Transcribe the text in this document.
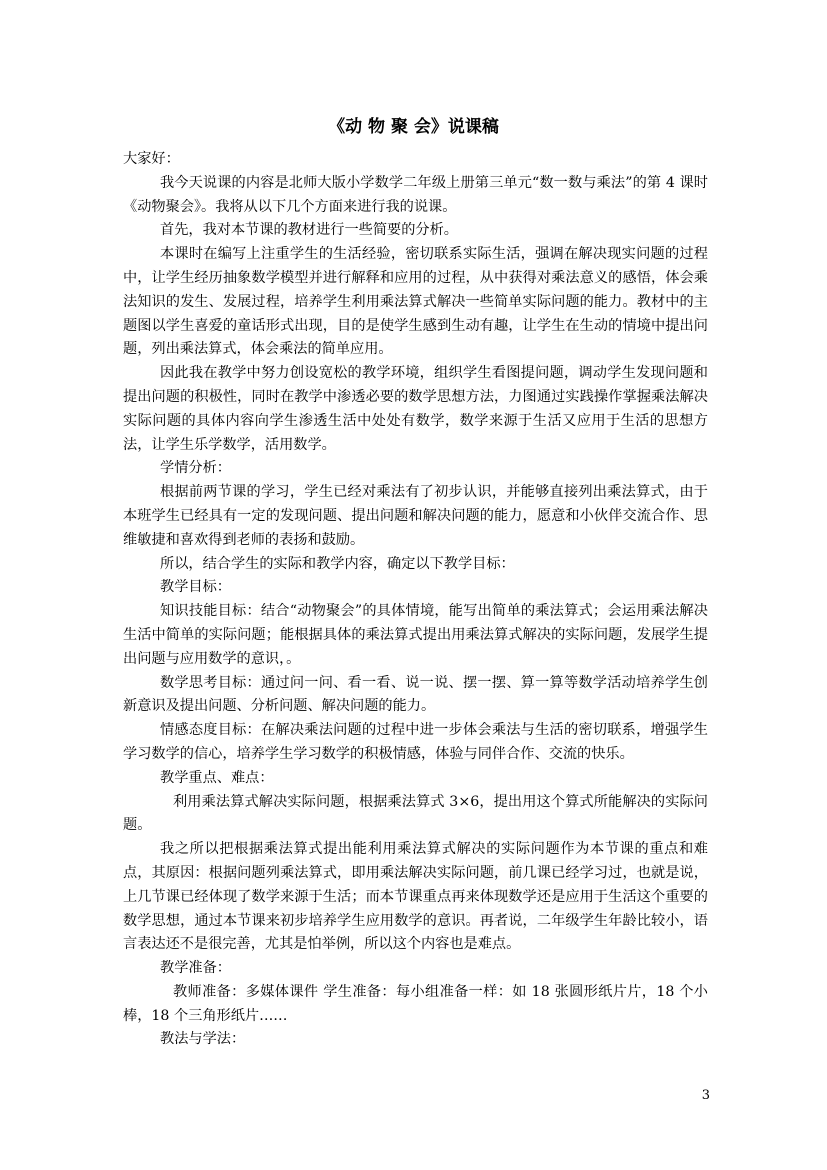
《动 物 聚 会》说课稿

大家好：

我今天说课的内容是北师大版小学数学二年级上册第三单元“数一数与乘法”的第 4 课时《动物聚会》。我将从以下几个方面来进行我的说课。

首先，我对本节课的教材进行一些简要的分析。

本课时在编写上注重学生的生活经验，密切联系实际生活，强调在解决现实问题的过程中，让学生经历抽象数学模型并进行解释和应用的过程，从中获得对乘法意义的感悟，体会乘法知识的发生、发展过程，培养学生利用乘法算式解决一些简单实际问题的能力。教材中的主题图以学生喜爱的童话形式出现，目的是使学生感到生动有趣，让学生在生动的情境中提出问题，列出乘法算式，体会乘法的简单应用。

因此我在教学中努力创设宽松的教学环境，组织学生看图提问题，调动学生发现问题和提出问题的积极性，同时在教学中渗透必要的数学思想方法，力图通过实践操作掌握乘法解决实际问题的具体内容向学生渗透生活中处处有数学，数学来源于生活又应用于生活的思想方法，让学生乐学数学，活用数学。

学情分析：

根据前两节课的学习，学生已经对乘法有了初步认识，并能够直接列出乘法算式，由于本班学生已经具有一定的发现问题、提出问题和解决问题的能力，愿意和小伙伴交流合作、思维敏捷和喜欢得到老师的表扬和鼓励。

所以，结合学生的实际和教学内容，确定以下教学目标：

教学目标：

知识技能目标：结合“动物聚会”的具体情境，能写出简单的乘法算式；会运用乘法解决生活中简单的实际问题；能根据具体的乘法算式提出用乘法算式解决的实际问题，发展学生提出问题与应用数学的意识，。

数学思考目标：通过问一问、看一看、说一说、摆一摆、算一算等数学活动培养学生创新意识及提出问题、分析问题、解决问题的能力。

情感态度目标：在解决乘法问题的过程中进一步体会乘法与生活的密切联系，增强学生学习数学的信心，培养学生学习数学的积极情感，体验与同伴合作、交流的快乐。

教学重点、难点：

利用乘法算式解决实际问题，根据乘法算式 3×6，提出用这个算式所能解决的实际问题。

我之所以把根据乘法算式提出能利用乘法算式解决的实际问题作为本节课的重点和难点，其原因：根据问题列乘法算式，即用乘法解决实际问题，前几课已经学习过，也就是说，上几节课已经体现了数学来源于生活；而本节课重点再来体现数学还是应用于生活这个重要的数学思想，通过本节课来初步培养学生应用数学的意识。再者说，二年级学生年龄比较小，语言表达还不是很完善，尤其是怕举例，所以这个内容也是难点。

教学准备：

教师准备：多媒体课件 学生准备：每小组准备一样：如 18 张圆形纸片片，18 个小棒，18 个三角形纸片……

教法与学法：

3
